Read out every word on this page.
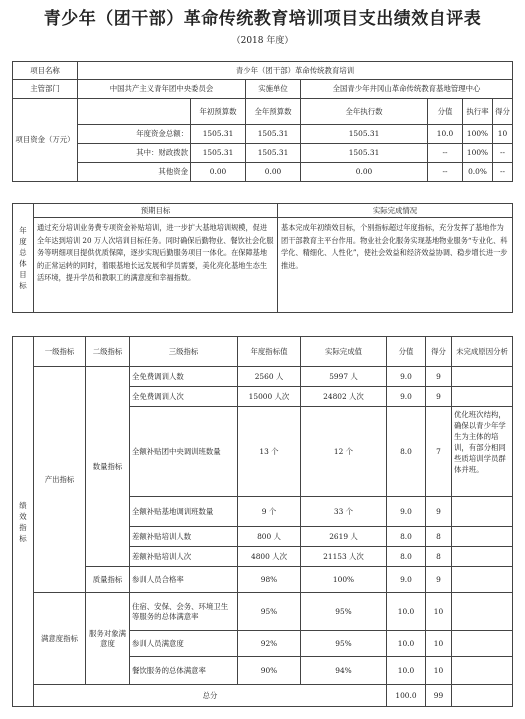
青少年（团干部）革命传统教育培训项目支出绩效自评表
（2018 年度）
项目名称	青少年（团干部）革命传统教育培训						
主管部门	中国共产主义青年团中央委员会		实施单位	全国青少年井冈山革命传统教育基地管理中心			
项目资金（万元）		年初预算数	全年预算数	全年执行数	分值	执行率	得分
	年度资金总额：	1505.31	1505.31	1505.31	10.0	100%	10
	其中：财政拨款	1505.31	1505.31	1505.31	--	100%	--
	其他资金	0.00	0.00	0.00	--	0.0%	--
年度总体目标	预期目标	实际完成情况
	通过充分培训业务费专项资金补贴培训，进一步扩大基地培训规模，促进全年达到培训 20 万人次培训目标任务。同时确保后勤物业、餐饮社会化服务等明细项目提供优质保障，逐步实现后勤服务项目一体化。在保障基地的正常运转的同时，着眼基地长远发展和学员需要，美化亮化基地生态生活环境，提升学员和教职工的满意度和幸福指数。	基本完成年初绩效目标，个别指标超过年度指标，充分发挥了基地作为团干部教育主平台作用。物业社会化服务实现基地物业服务“专业化、科学化、精细化、人性化”，使社会效益和经济效益协调、稳步增长进一步推进。
绩效指标	一级指标	二级指标	三级指标	年度指标值	实际完成值	分值	得分	未完成原因分析
	产出指标	数量指标	全免费调训人数	2560 人	5997 人	9.0	9	
			全免费调训人次	15000 人次	24802 人次	9.0	9	
			全额补贴团中央调训班数量	13 个	12 个	8.0	7	优化班次结构，确保以青少年学生为主体的培训，有部分相同些质培训学员群体并班。
			全额补贴基地调训班数量	9 个	33 个	9.0	9	
			差额补贴培训人数	800 人	2619 人	8.0	8	
			差额补贴培训人次	4800 人次	21153 人次	8.0	8	
		质量指标	参训人员合格率	98%	100%	9.0	9	
	满意度指标	服务对象满意度	住宿、安保、会务、环境卫生等服务的总体满意率	95%	95%	10.0	10	
			参训人员满意度	92%	95%	10.0	10	
			餐饮服务的总体满意率	90%	94%	10.0	10	
	总分					100.0	99	
